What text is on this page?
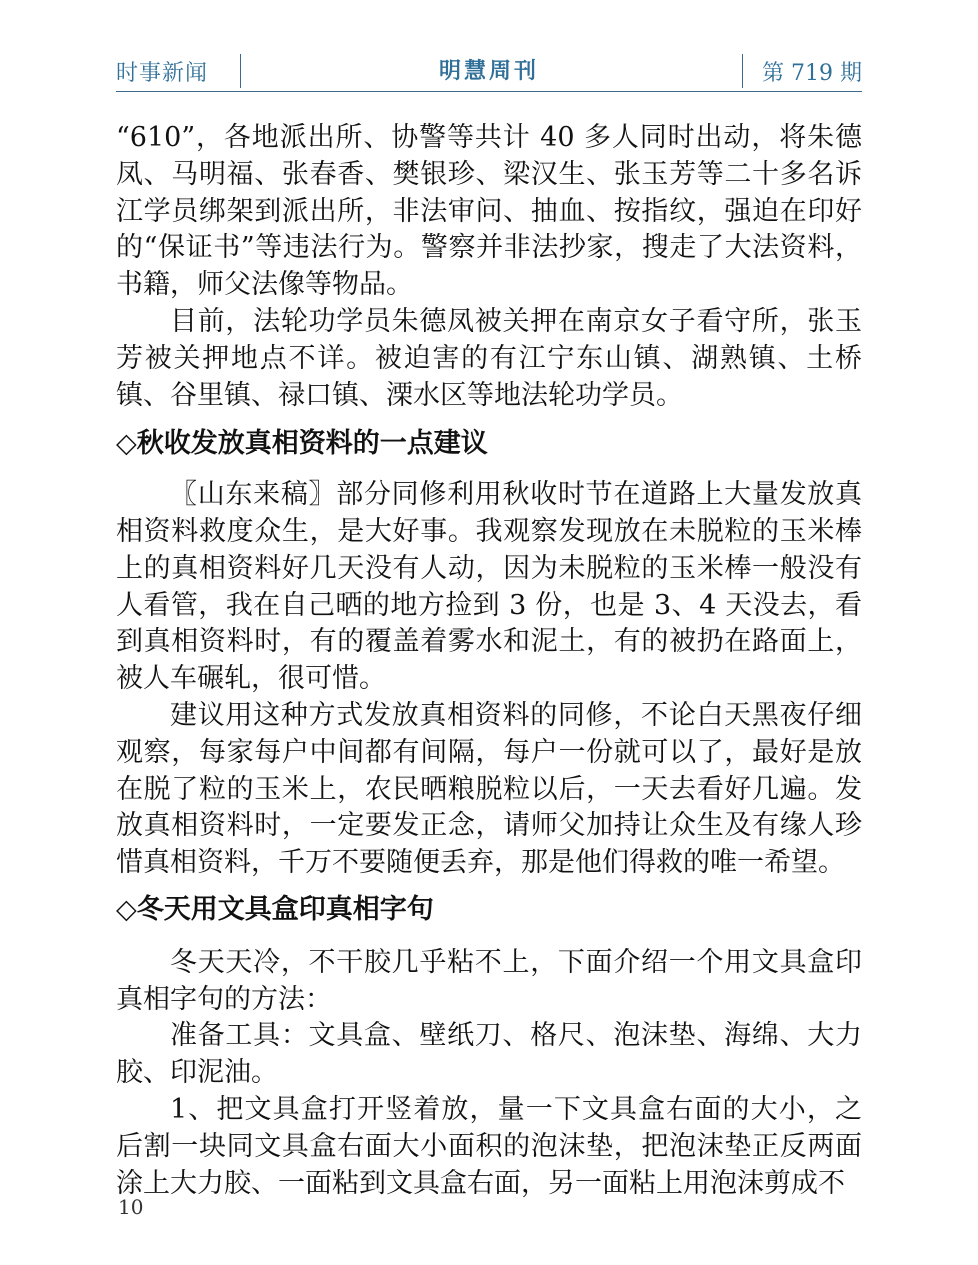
时事新闻	明慧周刊	第 719 期

“610”，各地派出所、协警等共计 40 多人同时出动，将朱德凤、马明福、张春香、樊银珍、梁汉生、张玉芳等二十多名诉江学员绑架到派出所，非法审问、抽血、按指纹，强迫在印好的“保证书”等违法行为。警察并非法抄家，搜走了大法资料，书籍，师父法像等物品。

目前，法轮功学员朱德凤被关押在南京女子看守所，张玉芳被关押地点不详。被迫害的有江宁东山镇、湖熟镇、土桥镇、谷里镇、禄口镇、溧水区等地法轮功学员。

◇秋收发放真相资料的一点建议

〖山东来稿〗部分同修利用秋收时节在道路上大量发放真相资料救度众生，是大好事。我观察发现放在未脱粒的玉米棒上的真相资料好几天没有人动，因为未脱粒的玉米棒一般没有人看管，我在自己晒的地方捡到 3 份，也是 3、4 天没去，看到真相资料时，有的覆盖着雾水和泥土，有的被扔在路面上，被人车碾轧，很可惜。

建议用这种方式发放真相资料的同修，不论白天黑夜仔细观察，每家每户中间都有间隔，每户一份就可以了，最好是放在脱了粒的玉米上，农民晒粮脱粒以后，一天去看好几遍。发放真相资料时，一定要发正念，请师父加持让众生及有缘人珍惜真相资料，千万不要随便丢弃，那是他们得救的唯一希望。

◇冬天用文具盒印真相字句

冬天天冷，不干胶几乎粘不上，下面介绍一个用文具盒印真相字句的方法：

准备工具：文具盒、壁纸刀、格尺、泡沫垫、海绵、大力胶、印泥油。

1、把文具盒打开竖着放，量一下文具盒右面的大小，之后割一块同文具盒右面大小面积的泡沫垫，把泡沫垫正反两面涂上大力胶、一面粘到文具盒右面，另一面粘上用泡沫剪成不

10
